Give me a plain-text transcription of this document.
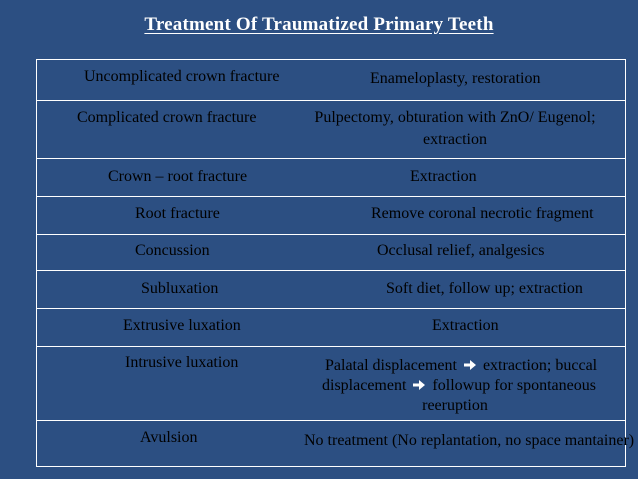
Treatment Of Traumatized Primary Teeth
Uncomplicated crown fracture	Enameloplasty, restoration
Complicated crown fracture	Pulpectomy, obturation with ZnO/ Eugenol;
extraction
Crown – root fracture	Extraction
Root fracture	Remove coronal necrotic fragment
Concussion	Occlusal relief, analgesics
Subluxation	Soft diet, follow up; extraction
Extrusive luxation	Extraction
Intrusive luxation	Palatal displacement extraction; buccal
displacement followup for spontaneous
reeruption
Avulsion	No treatment (No replantation, no space mantainer)
